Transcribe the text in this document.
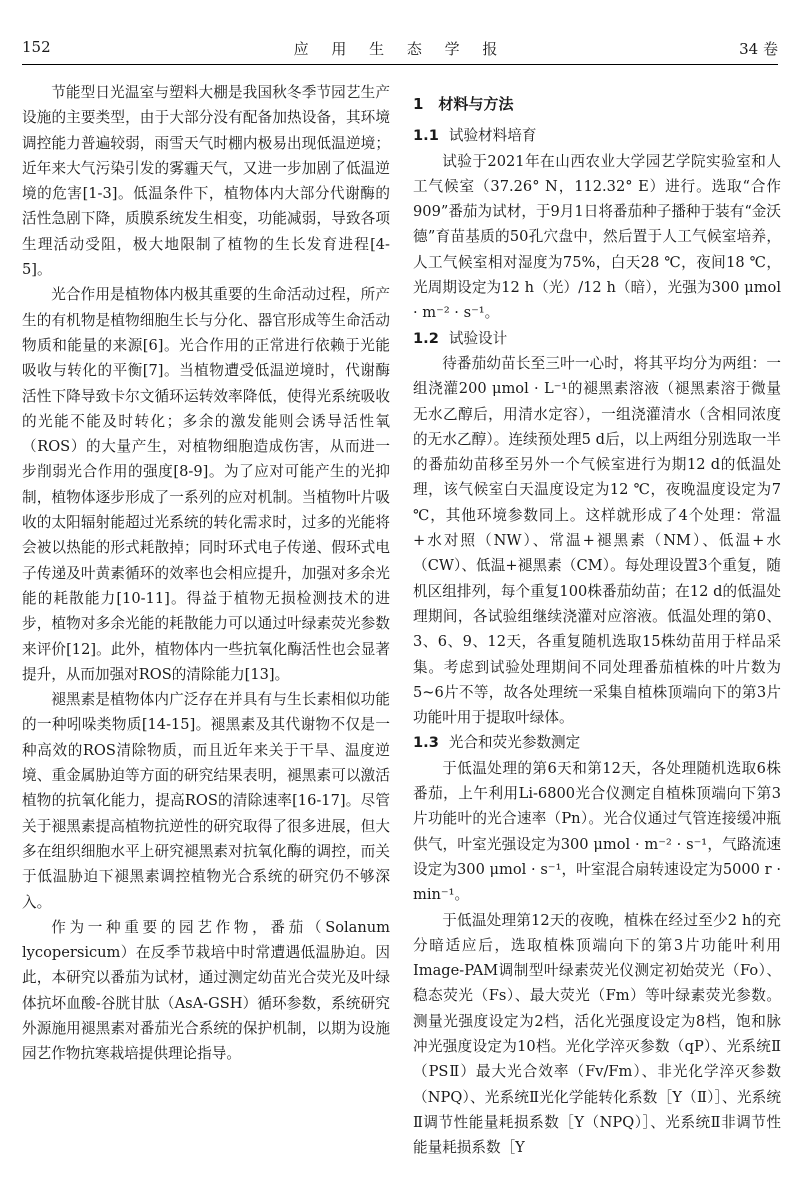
152	应 用 生 态 学 报	34 卷

节能型日光温室与塑料大棚是我国秋冬季节园艺生产设施的主要类型，由于大部分没有配备加热设备，其环境调控能力普遍较弱，雨雪天气时棚内极易出现低温逆境；近年来大气污染引发的雾霾天气，又进一步加剧了低温逆境的危害[1-3]。低温条件下，植物体内大部分代谢酶的活性急剧下降，质膜系统发生相变，功能减弱，导致各项生理活动受阻，极大地限制了植物的生长发育进程[4-5]。

光合作用是植物体内极其重要的生命活动过程，所产生的有机物是植物细胞生长与分化、器官形成等生命活动物质和能量的来源[6]。光合作用的正常进行依赖于光能吸收与转化的平衡[7]。当植物遭受低温逆境时，代谢酶活性下降导致卡尔文循环运转效率降低，使得光系统吸收的光能不能及时转化；多余的激发能则会诱导活性氧（ROS）的大量产生，对植物细胞造成伤害，从而进一步削弱光合作用的强度[8-9]。为了应对可能产生的光抑制，植物体逐步形成了一系列的应对机制。当植物叶片吸收的太阳辐射能超过光系统的转化需求时，过多的光能将会被以热能的形式耗散掉；同时环式电子传递、假环式电子传递及叶黄素循环的效率也会相应提升，加强对多余光能的耗散能力[10-11]。得益于植物无损检测技术的进步，植物对多余光能的耗散能力可以通过叶绿素荧光参数来评价[12]。此外，植物体内一些抗氧化酶活性也会显著提升，从而加强对ROS的清除能力[13]。

褪黑素是植物体内广泛存在并具有与生长素相似功能的一种吲哚类物质[14-15]。褪黑素及其代谢物不仅是一种高效的ROS清除物质，而且近年来关于干旱、温度逆境、重金属胁迫等方面的研究结果表明，褪黑素可以激活植物的抗氧化能力，提高ROS的清除速率[16-17]。尽管关于褪黑素提高植物抗逆性的研究取得了很多进展，但大多在组织细胞水平上研究褪黑素对抗氧化酶的调控，而关于低温胁迫下褪黑素调控植物光合系统的研究仍不够深入。

作为一种重要的园艺作物，番茄（Solanum lycopersicum）在反季节栽培中时常遭遇低温胁迫。因此，本研究以番茄为试材，通过测定幼苗光合荧光及叶绿体抗坏血酸-谷胱甘肽（AsA-GSH）循环参数，系统研究外源施用褪黑素对番茄光合系统的保护机制，以期为设施园艺作物抗寒栽培提供理论指导。

1　材料与方法
1.1 试验材料培育

试验于2021年在山西农业大学园艺学院实验室和人工气候室（37.26° N，112.32° E）进行。选取“合作909”番茄为试材，于9月1日将番茄种子播种于装有“金沃德”育苗基质的50孔穴盘中，然后置于人工气候室培养，人工气候室相对湿度为75%，白天28 ℃，夜间18 ℃，光周期设定为12 h（光）/12 h（暗），光强为300 μmol · m⁻² · s⁻¹。

1.2 试验设计

待番茄幼苗长至三叶一心时，将其平均分为两组：一组浇灌200 μmol · L⁻¹的褪黑素溶液（褪黑素溶于微量无水乙醇后，用清水定容），一组浇灌清水（含相同浓度的无水乙醇）。连续预处理5 d后，以上两组分别选取一半的番茄幼苗移至另外一个气候室进行为期12 d的低温处理，该气候室白天温度设定为12 ℃，夜晚温度设定为7 ℃，其他环境参数同上。这样就形成了4个处理：常温+水对照（NW）、常温+褪黑素（NM）、低温+水（CW）、低温+褪黑素（CM）。每处理设置3个重复，随机区组排列，每个重复100株番茄幼苗；在12 d的低温处理期间，各试验组继续浇灌对应溶液。低温处理的第0、3、6、9、12天，各重复随机选取15株幼苗用于样品采集。考虑到试验处理期间不同处理番茄植株的叶片数为5~6片不等，故各处理统一采集自植株顶端向下的第3片功能叶用于提取叶绿体。

1.3 光合和荧光参数测定

于低温处理的第6天和第12天，各处理随机选取6株番茄，上午利用Li-6800光合仪测定自植株顶端向下第3片功能叶的光合速率（Pn）。光合仪通过气管连接缓冲瓶供气，叶室光强设定为300 μmol · m⁻² · s⁻¹，气路流速设定为300 μmol · s⁻¹，叶室混合扇转速设定为5000 r · min⁻¹。

于低温处理第12天的夜晚，植株在经过至少2 h的充分暗适应后，选取植株顶端向下的第3片功能叶利用Image-PAM调制型叶绿素荧光仪测定初始荧光（Fo）、稳态荧光（Fs）、最大荧光（Fm）等叶绿素荧光参数。测量光强度设定为2档，活化光强度设定为8档，饱和脉冲光强度设定为10档。光化学淬灭参数（qP）、光系统Ⅱ（PSⅡ）最大光合效率（Fv/Fm）、非光化学淬灭参数（NPQ）、光系统Ⅱ光化学能转化系数［Y（Ⅱ）］、光系统Ⅱ调节性能量耗损系数［Y（NPQ）］、光系统Ⅱ非调节性能量耗损系数［Y
